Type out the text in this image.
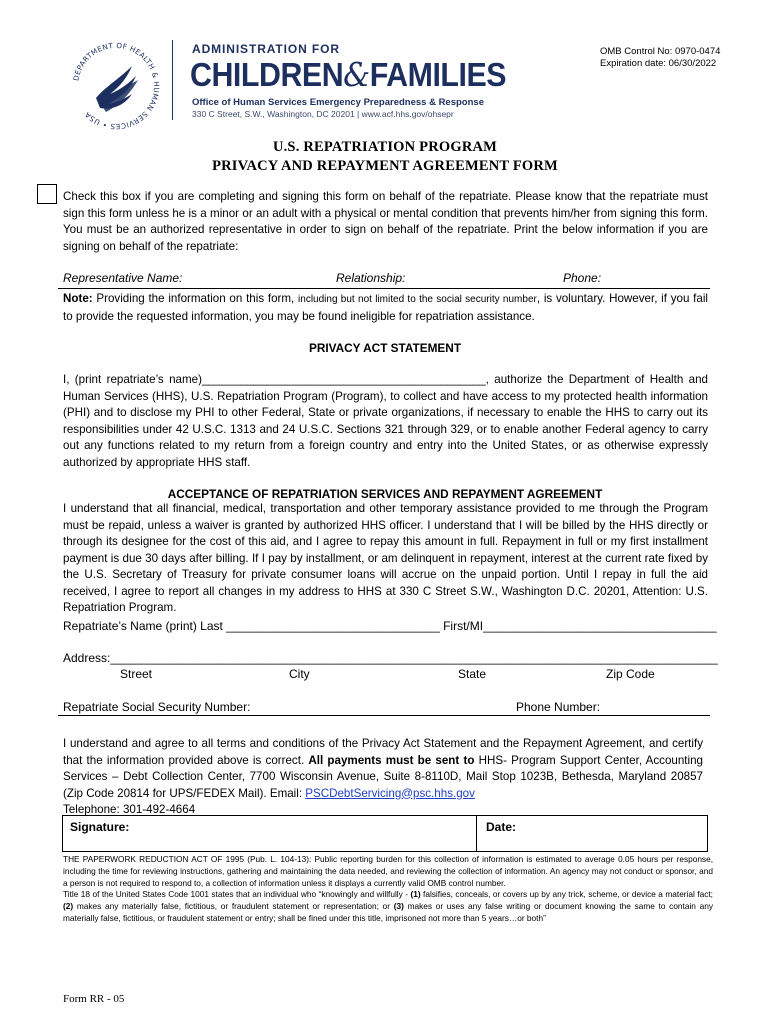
DEPARTMENT OF HEALTH & HUMAN SERVICES • USA
ADMINISTRATION FOR
CHILDREN&FAMILIES
Office of Human Services Emergency Preparedness & Response
330 C Street, S.W., Washington, DC 20201 | www.acf.hhs.gov/ohsepr
OMB Control No: 0970-0474
Expiration date: 06/30/2022
U.S. REPATRIATION PROGRAM
PRIVACY AND REPAYMENT AGREEMENT FORM
Check this box if you are completing and signing this form on behalf of the repatriate. Please know that the repatriate must sign this form unless he is a minor or an adult with a physical or mental condition that prevents him/her from signing this form. You must be an authorized representative in order to sign on behalf of the repatriate. Print the below information if you are signing on behalf of the repatriate:
Representative Name:	Relationship:	Phone:
Note: Providing the information on this form, including but not limited to the social security number, is voluntary. However, if you fail to provide the requested information, you may be found ineligible for repatriation assistance.
PRIVACY ACT STATEMENT
I, (print repatriate’s name)____________________________________________, authorize the Department of Health and Human Services (HHS), U.S. Repatriation Program (Program), to collect and have access to my protected health information (PHI) and to disclose my PHI to other Federal, State or private organizations, if necessary to enable the HHS to carry out its responsibilities under 42 U.S.C. 1313 and 24 U.S.C. Sections 321 through 329, or to enable another Federal agency to carry out any functions related to my return from a foreign country and entry into the United States, or as otherwise expressly authorized by appropriate HHS staff.
ACCEPTANCE OF REPATRIATION SERVICES AND REPAYMENT AGREEMENT
I understand that all financial, medical, transportation and other temporary assistance provided to me through the Program must be repaid, unless a waiver is granted by authorized HHS officer. I understand that I will be billed by the HHS directly or through its designee for the cost of this aid, and I agree to repay this amount in full. Repayment in full or my first installment payment is due 30 days after billing. If I pay by installment, or am delinquent in repayment, interest at the current rate fixed by the U.S. Secretary of Treasury for private consumer loans will accrue on the unpaid portion. Until I repay in full the aid received, I agree to report all changes in my address to HHS at 330 C Street S.W., Washington D.C. 20201, Attention: U.S. Repatriation Program.
Repatriate’s Name (print) Last ________________________________ First/MI___________________________________
Address:___________________________________________________________________________________________
Street	City	State	Zip Code
Repatriate Social Security Number:	Phone Number:
I understand and agree to all terms and conditions of the Privacy Act Statement and the Repayment Agreement, and certify that the information provided above is correct. All payments must be sent to HHS- Program Support Center, Accounting Services – Debt Collection Center, 7700 Wisconsin Avenue, Suite 8-8110D, Mail Stop 1023B, Bethesda, Maryland 20857 (Zip Code 20814 for UPS/FEDEX Mail). Email: PSCDebtServicing@psc.hhs.gov
Telephone: 301-492-4664
Signature:	Date:
THE PAPERWORK REDUCTION ACT OF 1995 (Pub. L. 104-13): Public reporting burden for this collection of information is estimated to average 0.05 hours per response, including the time for reviewing instructions, gathering and maintaining the data needed, and reviewing the collection of information. An agency may not conduct or sponsor, and a person is not required to respond to, a collection of information unless it displays a currently valid OMB control number.
Title 18 of the United States Code 1001 states that an individual who “knowingly and willfully - (1) falsifies, conceals, or covers up by any trick, scheme, or device a material fact; (2) makes any materially false, fictitious, or fraudulent statement or representation; or (3) makes or uses any false writing or document knowing the same to contain any materially false, fictitious, or fraudulent statement or entry; shall be fined under this title, imprisoned not more than 5 years…or both”
Form RR - 05
